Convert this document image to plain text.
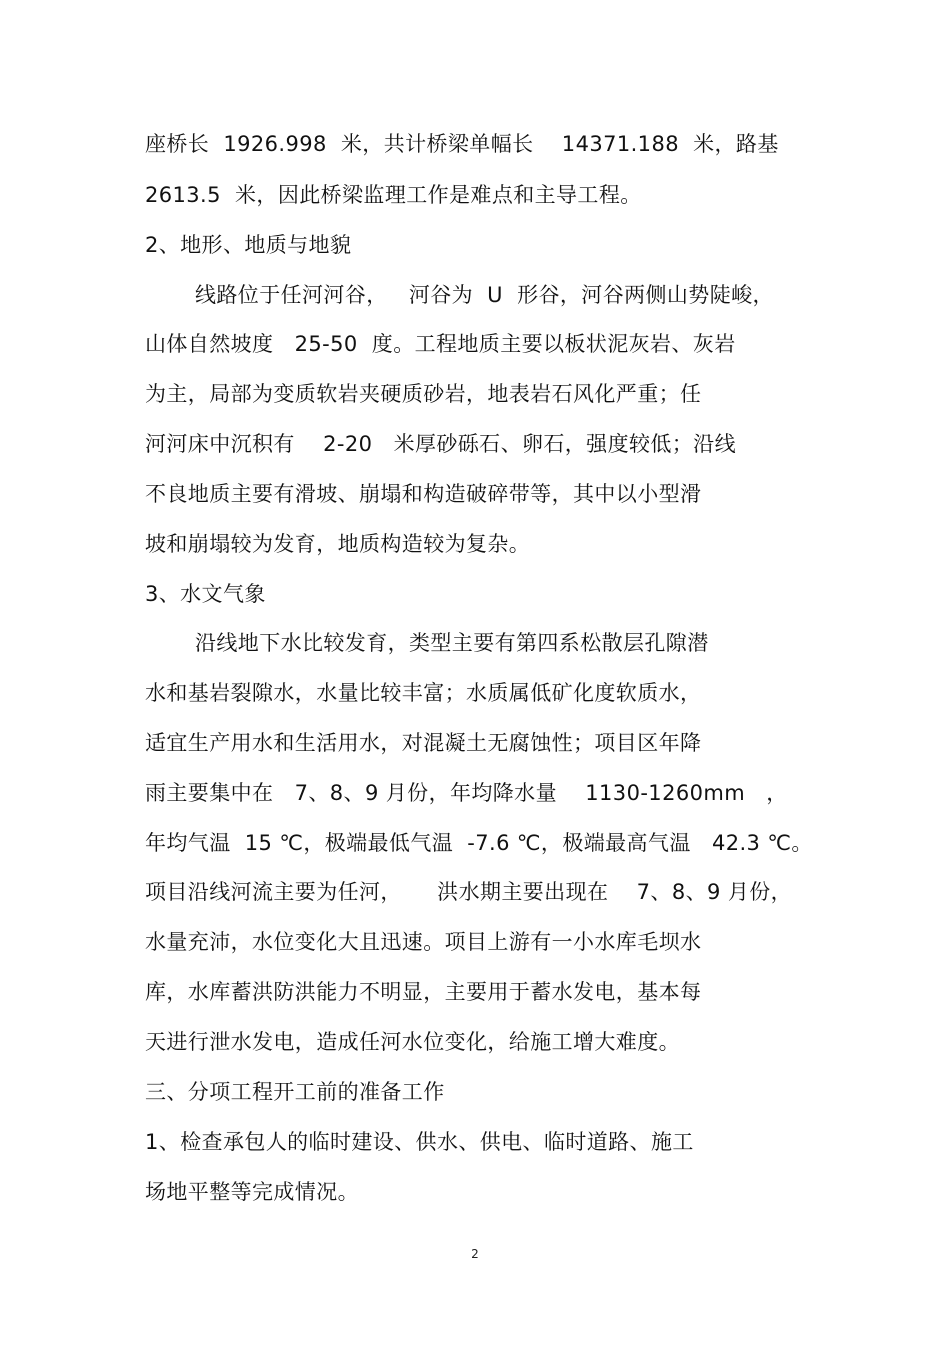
座桥长  1926.998  米，共计桥梁单幅长    14371.188  米，路基
2613.5  米，因此桥梁监理工作是难点和主导工程。
2、地形、地质与地貌
线路位于任河河谷，   河谷为  U  形谷，河谷两侧山势陡峻，
山体自然坡度   25-50  度。工程地质主要以板状泥灰岩、灰岩
为主，局部为变质软岩夹硬质砂岩，地表岩石风化严重；任
河河床中沉积有    2-20   米厚砂砾石、卵石，强度较低；沿线
不良地质主要有滑坡、崩塌和构造破碎带等，其中以小型滑
坡和崩塌较为发育，地质构造较为复杂。
3、水文气象
沿线地下水比较发育，类型主要有第四系松散层孔隙潜
水和基岩裂隙水，水量比较丰富；水质属低矿化度软质水，
适宜生产用水和生活用水，对混凝土无腐蚀性；项目区年降
雨主要集中在   7、8、9 月份，年均降水量    1130-1260mm   ，
年均气温  15 ℃，极端最低气温  -7.6 ℃，极端最高气温   42.3 ℃。
项目沿线河流主要为任河，     洪水期主要出现在    7、8、9 月份，
水量充沛，水位变化大且迅速。项目上游有一小水库毛坝水
库，水库蓄洪防洪能力不明显，主要用于蓄水发电，基本每
天进行泄水发电，造成任河水位变化，给施工增大难度。
三、分项工程开工前的准备工作
1、检查承包人的临时建设、供水、供电、临时道路、施工
场地平整等完成情况。
2
